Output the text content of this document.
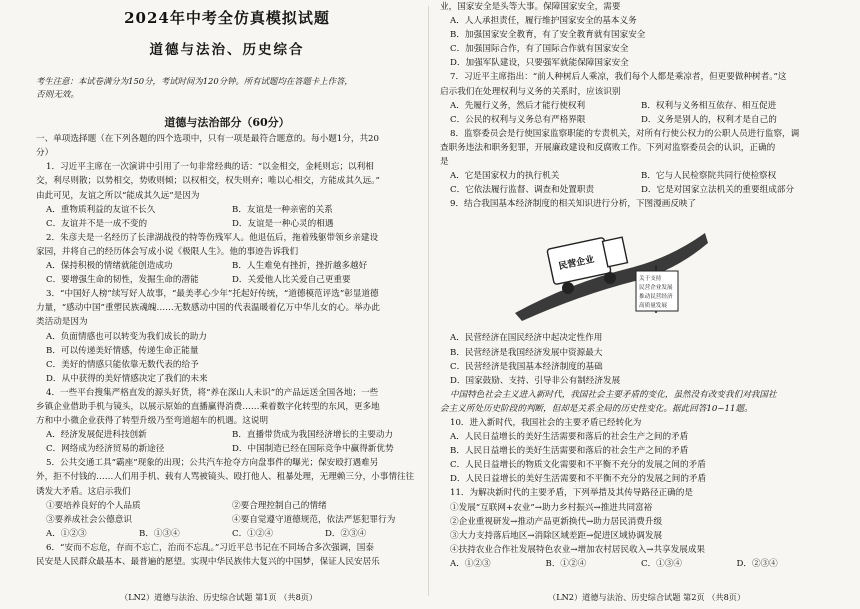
2024年中考全仿真模拟试题
道德与法治、历史综合
考生注意：本试卷满分为150分，考试时间为120分钟。所有试题均在答题卡上作答，
否则无效。
道德与法治部分（60分）
一、单项选择题（在下列各题的四个选项中，只有一项是最符合题意的。每小题1分，共20
分）
1．习近平主席在一次演讲中引用了一句非常经典的话：“以金相交，金耗则忘；以利相
交，利尽则散；以势相交，势败则倾；以权相交，权失则弃；唯以心相交，方能成其久远。”
由此可见，友谊之所以“能成其久远”是因为
A．重物质利益的友谊不长久	B．友谊是一种亲密的关系
C．友谊并不是一成不变的	D．友谊是一种心灵的相遇
2．朱彦夫是一名经历了长津湖战役的特等伤残军人。他退伍后，拖着残躯带领乡亲建设
家园，并将自己的经历体会写成小说《极限人生》。他的事迹告诉我们
A．保持积极的情绪就能创造成功	B．人生难免有挫折，挫折越多越好
C．要增强生命的韧性，发掘生命的潜能	D．关爱他人比关爱自己更重要
3．“中国好人榜”续写好人故事，“最美孝心少年”托起好传统，“道德模范评选”彰显道德
力量，“感动中国”重塑民族魂魄……无数感动中国的代表温暖着亿万中华儿女的心。举办此
类活动是因为
A．负面情感也可以转变为我们成长的助力
B．可以传递美好情感，传递生命正能量
C．美好的情感只能依靠无数代表的给予
D．从中获得的美好情感决定了我们的未来
4．一些平台搜集严格直发的源头好货，将“养在深山人未识”的产品远送全国各地；一些
乡镇企业借助手机与镜头，以展示原始的直播赢得消费……乘着数字化转型的东风，更多地
方和中小微企业获得了转型升级乃至弯道超车的机遇。这说明
A．经济发展促进科技创新	B．直播带货成为我国经济增长的主要动力
C．网络成为经济贸易的新途径	D．中国制造已经在国际竞争中赢得新优势
5．公共交通工具“霸座”现象的出现；公共汽车抢夺方向盘事件的曝光；保安殴打遇难另
外，拒不付钱的……人们用手机、载有人骂被镜头、殴打他人、租暴处理，无理赖三分，小事情往往
诱发大矛盾。这启示我们
①要培养良好的个人品质	②要合理控制自己的情绪
③要养成社会公德意识	④要自觉遵守道德规范，依法严惩犯罪行为
A．①②③	B．①③④	C．①②④	D．②③④
6．“安而不忘危，存而不忘亡，治而不忘乱。”习近平总书记在不同场合多次强调，国泰
民安是人民群众最基本、最普遍的愿望。实现中华民族伟大复兴的中国梦，保证人民安居乐
业，国家安全是头等大事。保障国家安全，需要
A．人人承担责任，履行维护国家安全的基本义务
B．加强国家安全教育，有了安全教育就有国家安全
C．加强国际合作，有了国际合作就有国家安全
D．加强军队建设，只要强军就能保障国家安全
7．习近平主席指出：“前人种树后人乘凉，我们每个人都是乘凉者，但更要做种树者。”这
启示我们在处理权利与义务的关系时，应该识别
A．先履行义务，然后才能行使权利	B．权利与义务相互依存、相互促进
C．公民的权利与义务总有严格界限	D．义务是别人的，权利才是自己的
8．监察委员会是行使国家监察职能的专责机关，对所有行使公权力的公职人员进行监察，调
查职务违法和职务犯罪，开展廉政建设和反腐败工作。下列对监察委员会的认识，正确的
是
A．它是国家权力的执行机关	B．它与人民检察院共同行使检察权
C．它依法履行监督、调查和处置职责	D．它是对国家立法机关的重要组成部分
9．结合我国基本经济制度的相关知识进行分析，下图漫画反映了
民营企业
关于支持
民营企业发展
推动民营经济
高质量发展
A．民营经济在国民经济中起决定性作用
B．民营经济是我国经济发展中资源最大
C．民营经济是我国基本经济制度的基础
D．国家鼓励、支持、引导非公有制经济发展
中国特色社会主义进入新时代，我国社会主要矛盾的变化，虽然没有改变我们对我国社
会主义所处历史阶段的判断，但却是关系全局的历史性变化。据此回答10~11题。
10．进入新时代，我国社会的主要矛盾已经转化为
A．人民日益增长的美好生活需要和落后的社会生产之间的矛盾
B．人民日益增长的美好生活需要和落后的社会生产之间的矛盾
C．人民日益增长的物质文化需要和不平衡不充分的发展之间的矛盾
D．人民日益增长的美好生活需要和不平衡不充分的发展之间的矛盾
11．为解决新时代的主要矛盾，下列举措及其传导路径正确的是
①发展“互联网+农业”→助力乡村振兴→推进共同富裕
②企业重视研发→推动产品更新换代→助力居民消费升级
③大力支持落后地区→消除区域差距→促进区域协调发展
④扶持农业合作社发展特色农业→增加农村居民收入→共享发展成果
A．①②③	B．①②④	C．①③④	D．②③④
（LN2）道德与法治、历史综合试题 第1页 （共8页）	（LN2）道德与法治、历史综合试题 第2页 （共8页）
